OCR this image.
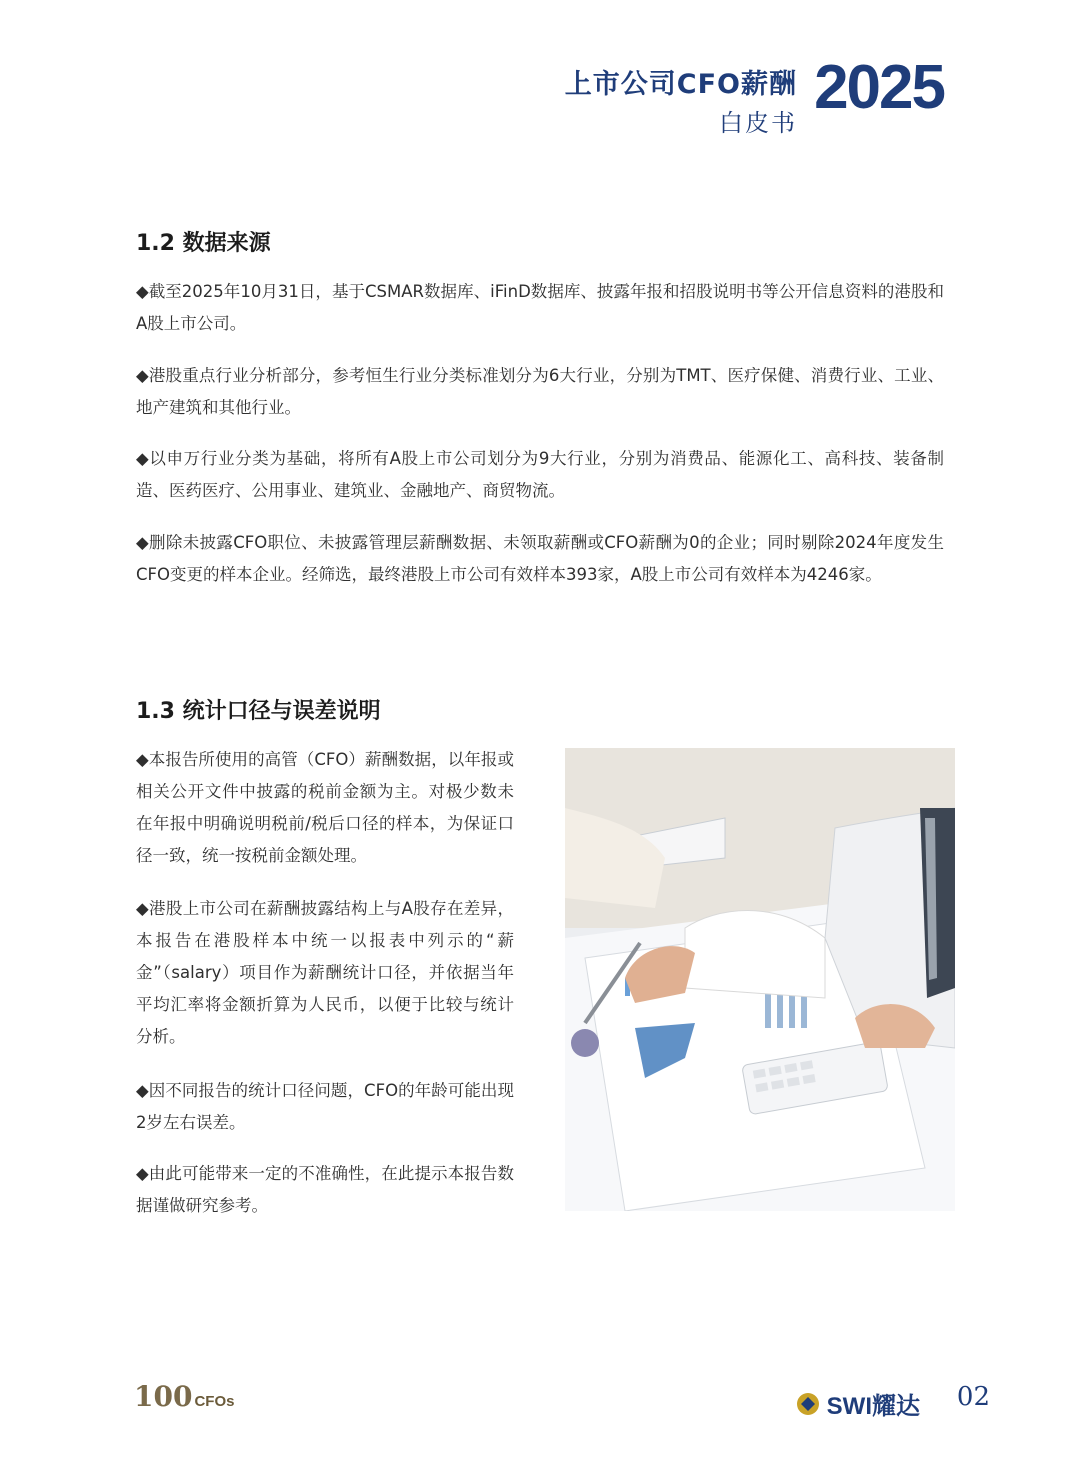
上市公司CFO薪酬
白皮书
2025
1.2 数据来源
◆截至2025年10月31日，基于CSMAR数据库、iFinD数据库、披露年报和招股说明书等公开信息资料的港股和A股上市公司。
◆港股重点行业分析部分，参考恒生行业分类标准划分为6大行业，分别为TMT、医疗保健、消费行业、工业、地产建筑和其他行业。
◆以申万行业分类为基础，将所有A股上市公司划分为9大行业，分别为消费品、能源化工、高科技、装备制造、医药医疗、公用事业、建筑业、金融地产、商贸物流。
◆删除未披露CFO职位、未披露管理层薪酬数据、未领取薪酬或CFO薪酬为0的企业；同时剔除2024年度发生CFO变更的样本企业。经筛选，最终港股上市公司有效样本393家，A股上市公司有效样本为4246家。
1.3 统计口径与误差说明
◆本报告所使用的高管（CFO）薪酬数据，以年报或相关公开文件中披露的税前金额为主。对极少数未在年报中明确说明税前/税后口径的样本，为保证口径一致，统一按税前金额处理。
◆港股上市公司在薪酬披露结构上与A股存在差异，本报告在港股样本中统一以报表中列示的“薪金”（salary）项目作为薪酬统计口径，并依据当年平均汇率将金额折算为人民币，以便于比较与统计分析。
◆因不同报告的统计口径问题，CFO的年龄可能出现2岁左右误差。
◆由此可能带来一定的不准确性，在此提示本报告数据谨做研究参考。
100 CFOs	SWI耀达 02
